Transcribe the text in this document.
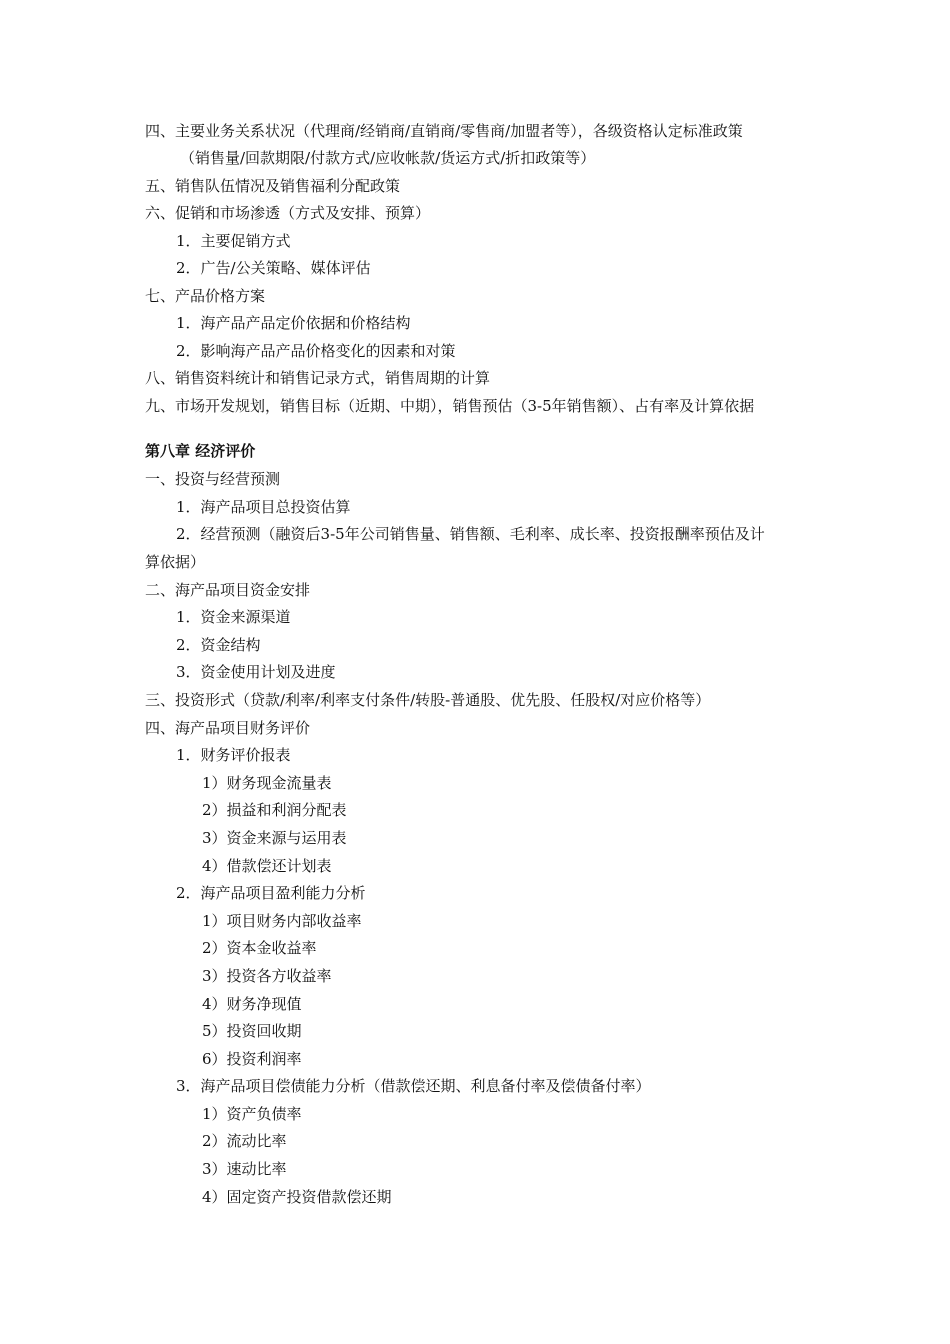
四、主要业务关系状况（代理商/经销商/直销商/零售商/加盟者等），各级资格认定标准政策
（销售量/回款期限/付款方式/应收帐款/货运方式/折扣政策等）
五、销售队伍情况及销售福利分配政策
六、促销和市场渗透（方式及安排、预算）
1．主要促销方式
2．广告/公关策略、媒体评估
七、产品价格方案
1．海产品产品定价依据和价格结构
2．影响海产品产品价格变化的因素和对策
八、销售资料统计和销售记录方式，销售周期的计算
九、市场开发规划，销售目标（近期、中期），销售预估（3-5年销售额）、占有率及计算依据
第八章 经济评价
一、投资与经营预测
1．海产品项目总投资估算
2．经营预测（融资后3-5年公司销售量、销售额、毛利率、成长率、投资报酬率预估及计
算依据）
二、海产品项目资金安排
1．资金来源渠道
2．资金结构
3．资金使用计划及进度
三、投资形式（贷款/利率/利率支付条件/转股-普通股、优先股、任股权/对应价格等）
四、海产品项目财务评价
1．财务评价报表
1）财务现金流量表
2）损益和利润分配表
3）资金来源与运用表
4）借款偿还计划表
2．海产品项目盈利能力分析
1）项目财务内部收益率
2）资本金收益率
3）投资各方收益率
4）财务净现值
5）投资回收期
6）投资利润率
3．海产品项目偿债能力分析（借款偿还期、利息备付率及偿债备付率）
1）资产负债率
2）流动比率
3）速动比率
4）固定资产投资借款偿还期
